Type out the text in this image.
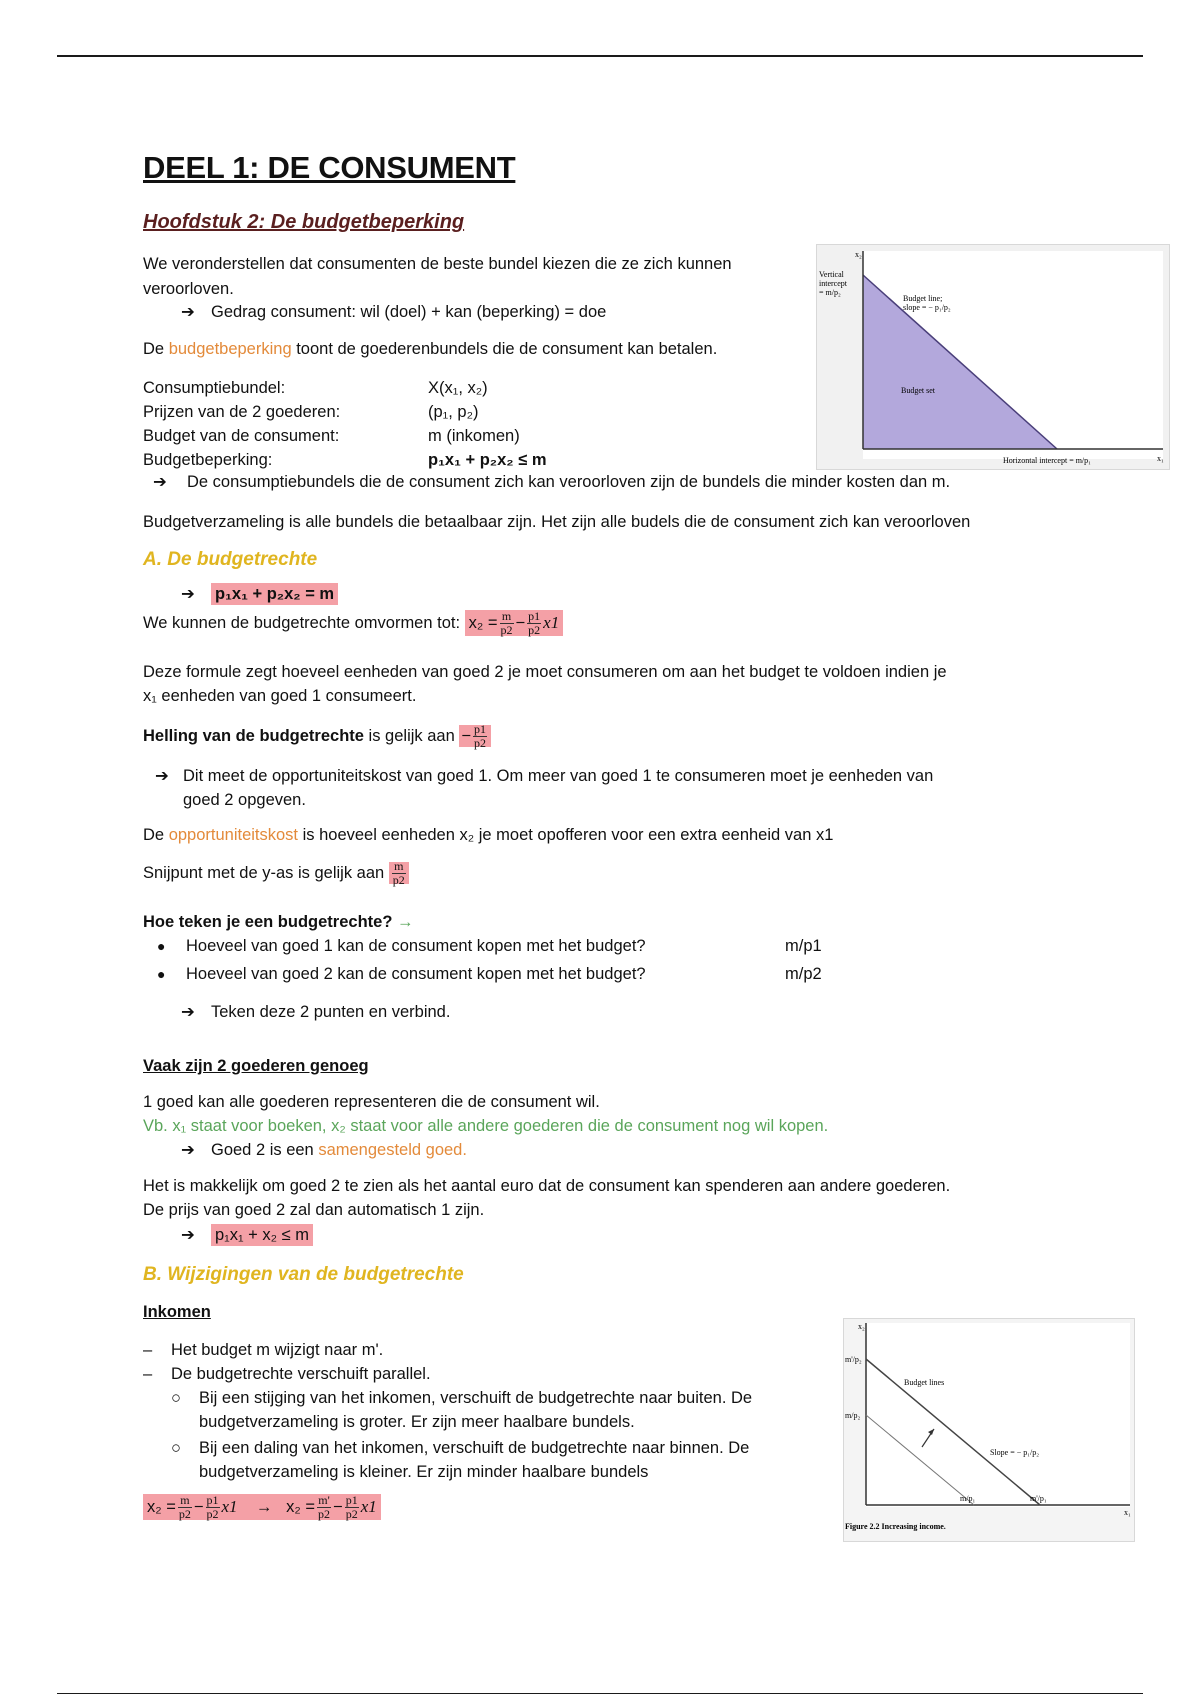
DEEL 1: DE CONSUMENT
Hoofdstuk 2: De budgetbeperking
We veronderstellen dat consumenten de beste bundel kiezen die ze zich kunnen
veroorloven.
➔ Gedrag consument: wil (doel) + kan (beperking) = doe
De budgetbeperking toont de goederenbundels die de consument kan betalen.
Consumptiebundel:	X(x₁, x₂)
Prijzen van de 2 goederen:	(p₁, p₂)
Budget van de consument:	m (inkomen)
Budgetbeperking:	p₁x₁ + p₂x₂ ≤ m
➔ De consumptiebundels die de consument zich kan veroorloven zijn de bundels die minder kosten dan m.
Budgetverzameling is alle bundels die betaalbaar zijn. Het zijn alle budels die de consument zich kan veroorloven
A. De budgetrechte
➔ p₁x₁ + p₂x₂ = m
We kunnen de budgetrechte omvormen tot: $x_2 = \frac{m}{p2} - \frac{p1}{p2} x1$
Deze formule zegt hoeveel eenheden van goed 2 je moet consumeren om aan het budget te voldoen indien je
x₁ eenheden van goed 1 consumeert.
Helling van de budgetrechte is gelijk aan − $\frac{p1}{p2}$
➔ Dit meet de opportuniteitskost van goed 1. Om meer van goed 1 te consumeren moet je eenheden van
goed 2 opgeven.
De opportuniteitskost is hoeveel eenheden x₂ je moet opofferen voor een extra eenheid van x1
Snijpunt met de y-as is gelijk aan $\frac{m}{p2}$
Hoe teken je een budgetrechte? →
● Hoeveel van goed 1 kan de consument kopen met het budget?	m/p1
● Hoeveel van goed 2 kan de consument kopen met het budget?	m/p2
➔ Teken deze 2 punten en verbind.
Vaak zijn 2 goederen genoeg
1 goed kan alle goederen representeren die de consument wil.
Vb. x₁ staat voor boeken, x₂ staat voor alle andere goederen die de consument nog wil kopen.
➔ Goed 2 is een samengesteld goed.
Het is makkelijk om goed 2 te zien als het aantal euro dat de consument kan spenderen aan andere goederen.
De prijs van goed 2 zal dan automatisch 1 zijn.
➔ p₁x₁ + x₂ ≤ m
B. Wijzigingen van de budgetrechte
Inkomen
– Het budget m wijzigt naar m'.
– De budgetrechte verschuift parallel.
○ Bij een stijging van het inkomen, verschuift de budgetrechte naar buiten. De
budgetverzameling is groter. Er zijn meer haalbare bundels.
○ Bij een daling van het inkomen, verschuift de budgetrechte naar binnen. De
budgetverzameling is kleiner. Er zijn minder haalbare bundels
$x_2 = \frac{m}{p2} - \frac{p1}{p2} x1 \to x_2 = \frac{m'}{p2} - \frac{p1}{p2} x1$
x₂
x₁
Vertical
intercept
= m/p₂
Budget line;
slope = − p₁/p₂
Budget set
Horizontal intercept = m/p₁
x₂
x₁
m'/p₂
m/p₂
Budget lines
Slope = − p₁/p₂
m/p₁	m'/p₁
Figure 2.2 Increasing income.
